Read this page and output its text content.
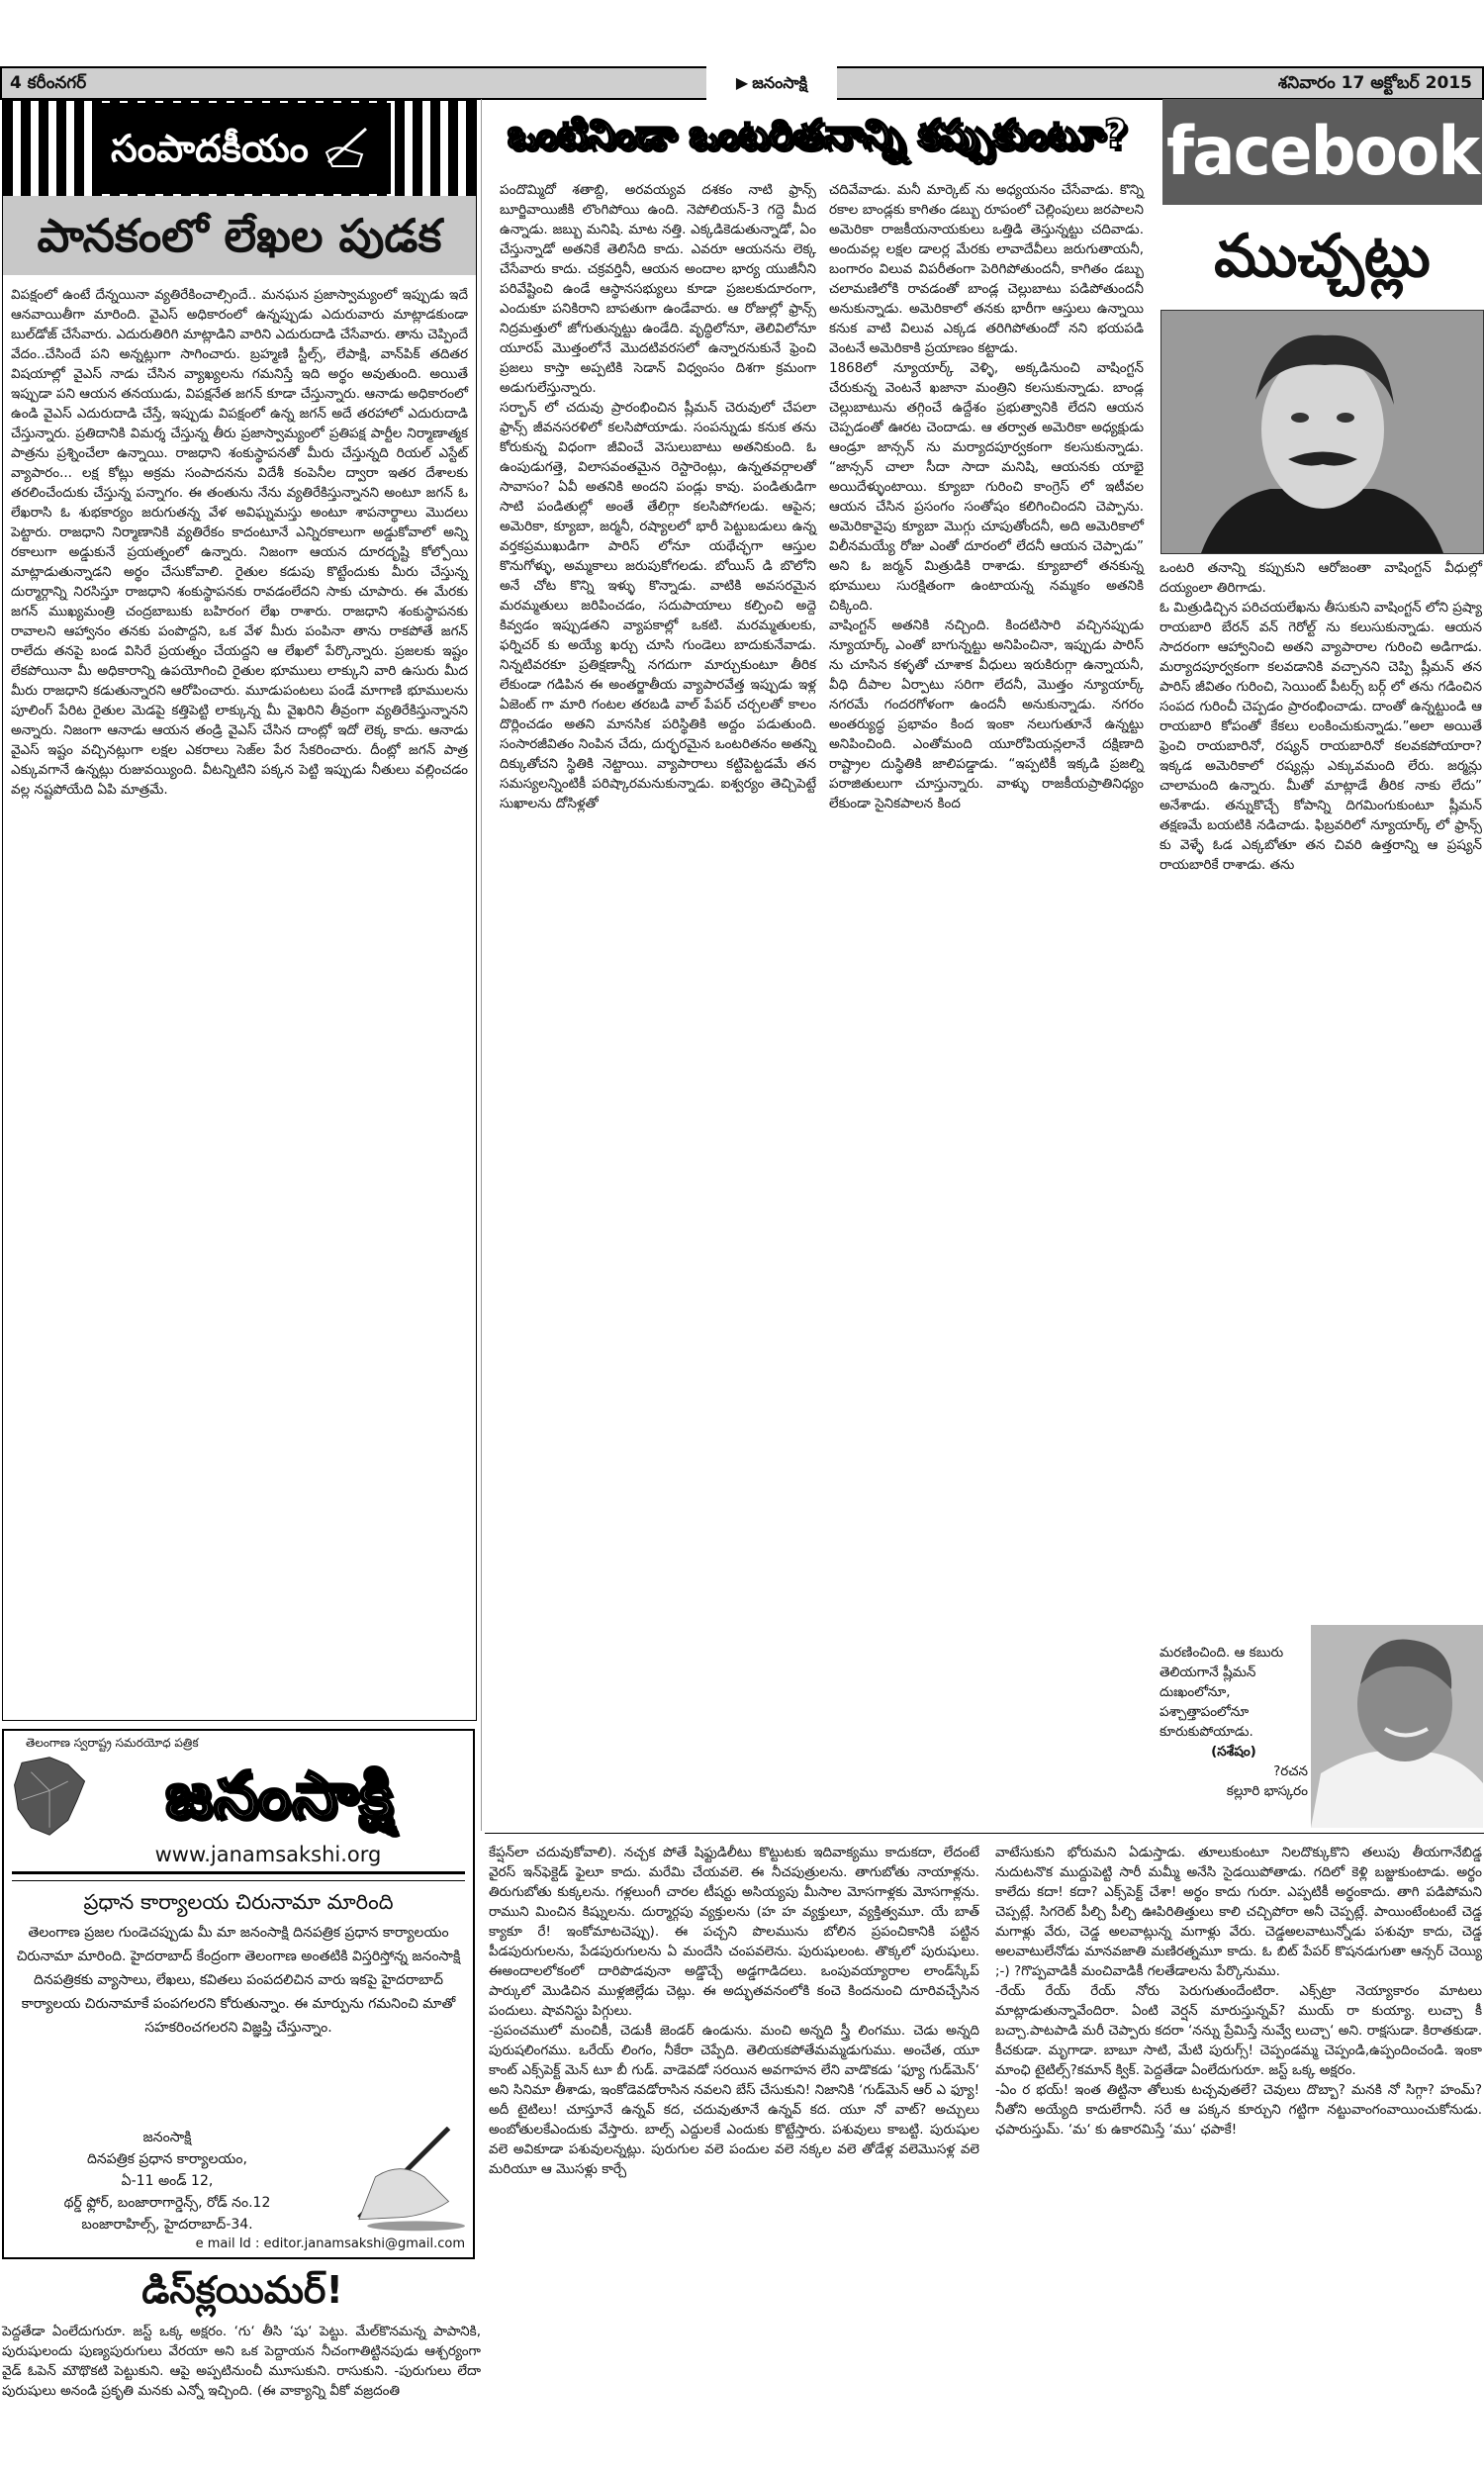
4 కరీంనగర్	▶ జనంసాక్షి	శనివారం 17 అక్టోబర్ 2015
సంపాదకీయం
పానకంలో లేఖల పుడక

విపక్షంలో ఉంటే దేన్నయినా వ్యతిరేకించాల్సిందే.. మనఘన ప్రజాస్వామ్యంలో ఇప్పుడు ఇదే ఆనవాయితీగా మారింది. వైఎస్ అధికారంలో ఉన్నప్పుడు ఎదురువారు మాట్లాడకుండా బుల్‌డోజ్ చేసేవారు. ఎదురుతిరిగి మాట్లాడిని వారిని ఎదురుదాడి చేసేవారు. తాను చెప్పిందే వేదం..చేసిందే పని అన్నట్లుగా సాగించారు. బ్రహ్మణి స్టీల్స్, లేపాక్షి, వాన్‌పిక్ తదితర విషయాల్లో వైఎస్ నాడు చేసిన వ్యాఖ్యలను గమనిస్తే ఇది అర్థం అవుతుంది. అయితే ఇప్పుడా పని ఆయన తనయుడు, విపక్షనేత జగన్ కూడా చేస్తున్నారు. ఆనాడు అధికారంలో ఉండి వైఎస్ ఎదురుదాడి చేస్తే, ఇప్పుడు విపక్షంలో ఉన్న జగన్ అదే తరహాలో ఎదురుదాడి చేస్తున్నారు. ప్రతిదానికి విమర్శ చేస్తున్న తీరు ప్రజాస్వామ్యంలో ప్రతిపక్ష పార్టీల నిర్మాణాత్మక పాత్రను ప్రశ్నించేలా ఉన్నాయి. రాజధాని శంకుస్థాపనతో మీరు చేస్తున్నది రియల్ ఎస్టేట్ వ్యాపారం... లక్ష కోట్లు అక్రమ సంపాదనను విదేశీ కంపెనీల ద్వారా ఇతర దేశాలకు తరలించేందుకు చేస్తున్న పన్నాగం. ఈ తంతును నేను వ్యతిరేకిస్తున్నానని అంటూ జగన్ ఓ లేఖరాసి ఓ శుభకార్యం జరుగుతన్న వేళ అవిఘ్నమస్తు అంటూ శాపనార్థాలు మొదలు పెట్టారు. రాజధాని నిర్మాణానికి వ్యతిరేకం కాదంటూనే ఎన్నిరకాలుగా అడ్డుకోవాలో అన్ని రకాలుగా అడ్డుకునే ప్రయత్నంలో ఉన్నారు. నిజంగా ఆయన దూరదృష్టి కోల్పోయి మాట్లాడుతున్నాడని అర్థం చేసుకోవాలి. రైతుల కడుపు కొట్టేందుకు మీరు చేస్తున్న దుర్మార్గాన్ని నిరసిస్తూ రాజధాని శంకుస్థాపనకు రావడంలేదని సాకు చూపారు. ఈ మేరకు జగన్ ముఖ్యమంత్రి చంద్రబాబుకు బహిరంగ లేఖ రాశారు. రాజధాని శంకుస్థాపనకు రావాలని ఆహ్వానం తనకు పంపొద్దని, ఒక వేళ మీరు పంపినా తాను రాకపోతే జగన్ రాలేదు తనపై బండ విసిరే ప్రయత్నం చేయద్దని ఆ లేఖలో పేర్కొన్నారు. ప్రజలకు ఇష్టం లేకపోయినా మీ అధికారాన్ని ఉపయోగించి రైతుల భూములు లాక్కుని వారి ఉసురు మీద మీరు రాజధాని కడుతున్నారని ఆరోపించారు. మూడుపంటలు పండే మాగాణి భూములను పూలింగ్ పేరిట రైతుల మెడపై కత్తిపెట్టి లాక్కున్న మీ వైఖరిని తీవ్రంగా వ్యతిరేకిస్తున్నానని అన్నారు. నిజంగా ఆనాడు ఆయన తండ్రి వైఎస్ చేసిన దాంట్లో ఇదో లెక్క కాదు. ఆనాడు వైఎస్ ఇష్టం వచ్చినట్లుగా లక్షల ఎకరాలు సెజ్‌ల పేర సేకరించారు. దీంట్లో జగన్ పాత్ర ఎక్కువగానే ఉన్నట్లు రుజువయ్యింది. వీటన్నిటిని పక్కన పెట్టి ఇప్పుడు నీతులు వల్లించడం వల్ల నష్టపోయేది ఏపి మాత్రమే.

తెలంగాణ స్వరాష్ట్ర సమరయోధ పత్రిక
జనంసాక్షి
www.janamsakshi.org
ప్రధాన కార్యాలయ చిరునామా మారింది
తెలంగాణ ప్రజల గుండెచప్పుడు మీ మా జనంసాక్షి దినపత్రిక ప్రధాన కార్యాలయం చిరునామా మారింది. హైదరాబాద్ కేంద్రంగా తెలంగాణ అంతటికి విస్తరిస్తోన్న జనంసాక్షి దినపత్రికకు వ్యాసాలు, లేఖలు, కవితలు పంపదలిచిన వారు ఇకపై హైదరాబాద్ కార్యాలయ చిరునామాకే పంపగలరని కోరుతున్నాం. ఈ మార్పును గమనించి మాతో సహకరించగలరని విజ్ఞప్తి చేస్తున్నాం.
జనంసాక్షి
దినపత్రిక ప్రధాన కార్యాలయం,
ఏ-11 అండ్ 12,
థర్డ్ ఫ్లోర్, బంజారాగార్డెన్స్, రోడ్ నం.12
బంజారాహిల్స్, హైదరాబాద్-34.
e mail Id : editor.janamsakshi@gmail.com
డిస్‌క్లయిమర్!
పెద్దతేడా ఏంలేదుగురూ. జస్ట్ ఒక్క అక్షరం. ‘గు‘ తీసి ‘షు‘ పెట్టు. మేల్‌కొనమన్న పాపానికి, పురుషులందు పుణ్యపురుగులు వేరయా అని ఒక పెద్దాయన నీచంగాతిట్టినపుడు ఆశ్చర్యంగా వైడ్ ఓపెన్ మౌథొకటి పెట్టుకుని. ఆపై అప్పటినుంచీ మూసుకుని. రాసుకుని. -పురుగులు లేదా పురుషులు అనండి ప్రకృతి మనకు ఎన్నో ఇచ్చింది. (ఈ వాక్యాన్ని వీకో వజ్రదంతి
ఒంటినిండా ఒంటరితనాన్ని కప్పుకుంటూ?

పందొమ్మిదో శతాబ్ది, అరవయ్యవ దశకం నాటి ఫ్రాన్స్ బూర్జివాయిజీకి లొంగిపోయి ఉంది. నెపోలియన్-3 గద్దె మీద ఉన్నాడు. జబ్బు మనిషి. మాట నత్తి. ఎక్కడికెడుతున్నాడో, ఏం చేస్తున్నాడో అతనికే తెలిసేది కాదు. ఎవరూ ఆయనను లెక్క చేసేవారు కాదు. చక్రవర్తినీ, ఆయన అందాల భార్య యుజీనీని పరివేష్టించి ఉండే ఆస్థానసభ్యులు కూడా ప్రజలకుదూరంగా, ఎందుకూ పనికిరాని బాపతుగా ఉండేవారు. ఆ రోజుల్లో ఫ్రాన్స్ నిద్రమత్తులో జోగుతున్నట్టు ఉండేది. వృద్ధిలోనూ, తెలివిలోనూ యూరప్ మొత్తంలోనే మొదటివరసలో ఉన్నారనుకునే ఫ్రెంచి ప్రజలు కాస్తా అప్పటికి సెడాన్ విధ్వంసం దిశగా క్రమంగా అడుగులేస్తున్నారు.

సర్బాన్ లో చదువు ప్రారంభించిన ష్లీమన్ చెరువులో చేపలా ఫ్రాన్స్ జీవనసరళిలో కలసిపోయాడు. సంపన్నుడు కనుక తను కోరుకున్న విధంగా జీవించే వెసులుబాటు అతనికుంది. ఓ ఉంపుడుగత్తె, విలాసవంతమైన రెస్టారెంట్లు, ఉన్నతవర్గాలతో సావాసం? ఏవీ అతనికి అందని పండ్లు కావు. పండితుడిగా సాటి పండితుల్లో అంతే తేలిగ్గా కలసిపోగలడు. ఆపైన; అమెరికా, క్యూబా, జర్మనీ, రష్యాలలో భారీ పెట్టుబడులు ఉన్న వర్తకప్రముఖుడిగా పారిస్ లోనూ యథేచ్ఛగా ఆస్తుల కొనుగోళ్ళు, అమ్మకాలు జరుపుకోగలడు. బోయిస్ డి బొలోని అనే చోట కొన్ని ఇళ్ళు కొన్నాడు. వాటికి అవసరమైన మరమ్మతులు జరిపించడం, సదుపాయాలు కల్పించి అద్దె కివ్వడం ఇప్పుడతని వ్యాపకాల్లో ఒకటి. మరమ్మతులకు, ఫర్నిచర్ కు అయ్యే ఖర్చు చూసి గుండెలు బాదుకునేవాడు. నిన్నటివరకూ ప్రతిక్షణాన్నీ నగదుగా మార్చుకుంటూ తీరిక లేకుండా గడిపిన ఈ అంతర్జాతీయ వ్యాపారవేత్త ఇప్పుడు ఇళ్ల ఏజెంట్ గా మారి గంటల తరబడి వాల్ పేపర్ చర్చలతో కాలం దొర్లించడం అతని మానసిక పరిస్థితికి అద్దం పడుతుంది. సంసారజీవితం నింపిన చేదు, దుర్భరమైన ఒంటరితనం అతన్ని దిక్కుతోచని స్థితికి నెట్టాయి. వ్యాపారాలు కట్టిపెట్టడమే తన సమస్యలన్నింటికీ పరిష్కారమనుకున్నాడు. ఐశ్వర్యం తెచ్చిపెట్టే సుఖాలను దోసిళ్లతో

చదివేవాడు. మనీ మార్కెట్ ను అధ్యయనం చేసేవాడు. కొన్ని రకాల బాండ్లకు కాగితం డబ్బు రూపంలో చెల్లింపులు జరపాలని అమెరికా రాజకీయనాయకులు ఒత్తిడి తెస్తున్నట్టు చదివాడు. అందువల్ల లక్షల డాలర్ల మేరకు లావాదేవీలు జరుగుతాయనీ, బంగారం విలువ విపరీతంగా పెరిగిపోతుందనీ, కాగితం డబ్బు చలామణిలోకి రావడంతో బాండ్ల చెల్లుబాటు పడిపోతుందనీ అనుకున్నాడు. అమెరికాలో తనకు భారీగా ఆస్తులు ఉన్నాయి కనుక వాటి విలువ ఎక్కడ తరిగిపోతుందో నని భయపడి వెంటనే అమెరికాకి ప్రయాణం కట్టాడు.

1868లో న్యూయార్క్ వెళ్ళి, అక్కడినుంచి వాషింగ్టన్ చేరుకున్న వెంటనే ఖజానా మంత్రిని కలసుకున్నాడు. బాండ్ల చెల్లుబాటును తగ్గించే ఉద్దేశం ప్రభుత్వానికి లేదని ఆయన చెప్పడంతో ఊరట చెందాడు. ఆ తర్వాత అమెరికా అధ్యక్షుడు ఆండ్రూ జాన్సన్ ను మర్యాదపూర్వకంగా కలసుకున్నాడు. “జాన్సన్ చాలా సీదా సాదా మనిషి, ఆయనకు యాభై అయిదేళ్ళుంటాయి. క్యూబా గురించి కాంగ్రెస్ లో ఇటీవల ఆయన చేసిన ప్రసంగం సంతోషం కలిగించిందని చెప్పాను. అమెరికావైపు క్యూబా మొగ్గు చూపుతోందనీ, అది అమెరికాలో విలీనమయ్యే రోజు ఎంతో దూరంలో లేదనీ ఆయన చెప్పాడు” అని ఓ జర్మన్ మిత్రుడికి రాశాడు. క్యూబాలో తనకున్న భూములు సురక్షితంగా ఉంటాయన్న నమ్మకం అతనికి చిక్కింది.

వాషింగ్టన్ అతనికి నచ్చింది. కిందటిసారి వచ్చినప్పుడు న్యూయార్క్ ఎంతో బాగున్నట్టు అనిపించినా, ఇప్పుడు పారిస్ ను చూసిన కళ్ళతో చూశాక వీధులు ఇరుకిరుగ్గా ఉన్నాయనీ, వీధి దీపాల ఏర్పాటు సరిగా లేదనీ, మొత్తం న్యూయార్క్ నగరమే గందరగోళంగా ఉందనీ అనుకున్నాడు. నగరం అంతర్యుద్ధ ప్రభావం కింద ఇంకా నలుగుతూనే ఉన్నట్టు అనిపించింది. ఎంతోమంది యూరోపియన్లలానే దక్షిణాది రాష్ట్రాల దుస్థితికి జాలిపడ్డాడు. “ఇప్పటికీ ఇక్కడి ప్రజల్ని పరాజితులుగా చూస్తున్నారు. వాళ్ళు రాజకీయప్రాతినిధ్యం లేకుండా సైనికపాలన కింద

facebook
ముచ్చట్లు

ఒంటరి తనాన్ని కప్పుకుని ఆరోజంతా వాషింగ్టన్ వీధుల్లో దయ్యంలా తిరిగాడు.

ఓ మిత్రుడిచ్చిన పరిచయలేఖను తీసుకుని వాషింగ్టన్ లోని ప్రష్యా రాయబారి బేరన్ వన్ గెరోల్ట్ ను కలుసుకున్నాడు. ఆయన సాదరంగా ఆహ్వానించి అతని వ్యాపారాల గురించి అడిగాడు. మర్యాదపూర్వకంగా కలవడానికి వచ్చానని చెప్పి ష్లీమన్ తన పారిస్ జీవితం గురించి, సెయింట్ పీటర్స్ బర్గ్ లో తను గడించిన సంపద గురించీ చెప్పడం ప్రారంభించాడు. దాంతో ఉన్నట్టుండి ఆ రాయబారి కోపంతో కేకలు లంకించుకున్నాడు.”అలా అయితే ఫ్రెంచి రాయబారినో, రష్యన్ రాయబారినో కలవకపోయారా? ఇక్కడ అమెరికాలో రష్యన్లు ఎక్కువమంది లేరు. జర్మన్లు చాలామంది ఉన్నారు. మీతో మాట్లాడే తీరిక నాకు లేదు” అనేశాడు. తన్నుకొచ్చే కోపాన్ని దిగమింగుకుంటూ ష్లీమన్ తక్షణమే బయటికి నడిచాడు. ఫిబ్రవరిలో న్యూయార్క్ లో ఫ్రాన్స్ కు వెళ్ళే ఓడ ఎక్కబోతూ తన చివరి ఉత్తరాన్ని ఆ ప్రష్యన్ రాయబారికే రాశాడు. తను

మరణించింది. ఆ కబురు తెలియగానే ష్లీమన్ దుఃఖంలోనూ, పశ్చాత్తాపంలోనూ కూరుకుపోయాడు.
(సశేషం)
?రచన
కల్లూరి భాస్కరం

కేప్షన్‌లా చదువుకోవాలి). నచ్చక పోతే షిఫ్టుడిలీటు కొట్టుటకు ఇదివాక్యము కాదుకదా, లేదంటే వైరస్ ఇన్‌ఫెక్టెడ్ ఫైలూ కాదు. మరేమి చేయవలె. ఈ నీచపుత్రులను. తాగుబోతు నాయాళ్లను. తిరుగుబోతు కుక్కలను. గళ్లలుంగీ చారల టీషర్టు అసియ్యపు మీసాల మోసగాళ్లకు మోసగాళ్లను. రాముని మించిన కిష్నులను. దుర్మార్గపు వ్యక్తులను (హ హ వ్యక్తులూ, వ్యక్తిత్వమూ. యే బాత్ క్యాకూ రే! ఇంకోమాటచెప్పు). ఈ పచ్చని పొలమును బోలిన ప్రపంచికానికి పట్టిన పీడపురుగులను, పేడపురుగులను ఏ మందేసి చంపవలెను. పురుషులంట. తొక్కలో పురుషులు. ఈఅందాలలోకంలో దారిపొడవునా అడ్డొచ్చే అడ్డగాడిదలు. ఒంపువయ్యారాల లాండ్‌స్కేప్ పార్కులో మొడిచిన ముళ్లజిల్లేడు చెట్లు. ఈ అద్భుతవనంలోకి కంచె కిందనుంచి దూరివచ్చేసిన పందులు. షావనిస్టు పిగ్గులు.

-ప్రపంచములో మంచికీ, చెడుకీ జెండర్ ఉండును. మంచి అన్నది స్త్రీ లింగము. చెడు అన్నది పురుషలింగము. ఒరేయ్ లింగం, నీకేరా చెప్పేది. తెలియకపోతేమమ్మడుగుము. అంచేత, యూ కాంట్ ఎక్స్‌పెక్ట్ మెన్ టూ బీ గుడ్. వాడెవడో సరయిన అవగాహన లేని వాడొకడు ‘ఫ్యూ గుడ్‌మెన్‘ అని సినిమా తీశాడు, ఇంకోడెవడోరాసిన నవలని బేస్ చేసుకుని! నిజానికి ‘గుడ్‌మెన్ ఆర్ ఎ ఫ్యూ! అదీ టైటిలు! చూస్తూనే ఉన్నవ్ కద, చదువుతూనే ఉన్నవ్ కద. యూ నో వాట్? అచ్చులు అంబోతులకేఎందుకు వేస్తారు. బాల్స్ ఎద్దులకే ఎందుకు కొట్టేస్తారు. పశువులు కాబట్టి. పురుషుల వలె అవికూడా పశువులన్నట్లు. పురుగుల వలె పందుల వలె నక్కల వలె తోడేళ్ల వలెమొసళ్ల వలె మరియూ ఆ మొసళ్లు కార్చే

వాటేసుకుని భోరుమని ఏడుస్తాడు. తూలుకుంటూ నిలదొక్కుకొని తలుపు తీయగానేబిడ్డ నుదుటనొక ముద్దుపెట్టి సారీ మమ్మీ అనేసి సైడయిపోతాడు. గదిలో కెళ్లి బజ్జుకుంటాడు. అర్థం కాలేదు కదా! కదా? ఎక్స్‌పెక్ట్ చేశా! అర్థం కాదు గురూ. ఎప్పటికీ అర్థంకాదు. తాగి పడిపోమని చెప్పట్లే. సిగరెట్ పీల్చి పీల్చి ఊపిరితిత్తులు కాలి చచ్చిపోరా అనీ చెప్పట్లే. పాయింటేంటంటే చెడ్డ మగాళ్లు వేరు, చెడ్డ అలవాట్లున్న మగాళ్లు వేరు. చెడ్డఅలవాటున్నోడు పశువూ కాదు, చెడ్డ అలవాటులేనోడు మానవజాతి మణిరత్నమూ కాదు. ఓ బిట్ పేపర్ కొషనడుగుతా ఆన్సర్ చెయ్యి ;-) ?గొప్పవాడికీ మంచివాడికీ గలతేడాలను పేర్కొనుము.

-రేయ్ రేయ్ రేయ్ నోరు పెరుగుతుందేంటిరా. ఎక్స్‌ట్రా నెయ్యాకారం మాటలు మాట్లాడుతున్నావేందిరా. ఏంటి వెర్షన్ మారుస్తున్నవ్? ముయ్ రా కుయ్యా. లుచ్చా కీ బచ్చా.పాటపాడి మరీ చెప్పారు కదరా ‘నన్ను ప్రేమిస్తే నువ్వే లుచ్చా‘ అని. రాక్షసుడా. కిరాతకుడా. కీచకుడా. మృగాడా. బాబూ సాటి, మేటి పురుగ్స్! చెప్పండమ్మ చెప్పండి,ఉప్పందించండి. ఇంకా మాంఛి టైటిల్స్?కమాన్ క్విక్. పెద్దతేడా ఏంలేదుగురూ. జస్ట్ ఒక్క అక్షరం.

-ఏం ర భయ్! ఇంత తిట్టినా తోలుకు టచ్చవుతలే? చెవులు దొబ్బా? మనకి నో సిగ్గా? హంమ్?నీతోని అయ్యేది కాదులేగానీ. సరే ఆ పక్కన కూర్చుని గట్టిగా నట్టువాంగంవాయించుకోనుడు. ఛపారుస్తుమ్. ‘మ‘ కు ఉకారమిస్తే ‘ము‘ ఛపాకే!
